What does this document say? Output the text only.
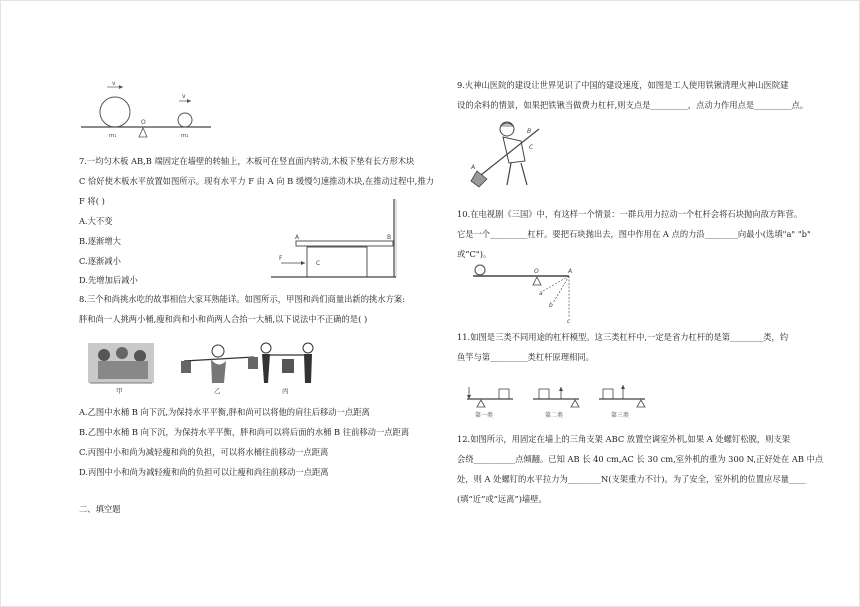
v
v
O
m₁	m₂
7.一均匀木板 AB,B 端固定在墙壁的转轴上，木板可在竖直面内转动,木板下垫有长方形木块
C 恰好使木板水平放置如图所示。现有水平力 F 由 A 向 B 缓慢匀速推动木块,在推动过程中,推力
F 将( )
A.大不变
B.逐渐增大
C.逐渐减小
D.先增加后减小
A	B
F
C
8.三个和尚挑水吃的故事相信大家耳熟能详。如图所示，甲图和尚们商量出新的挑水方案:
胖和尚一人挑两小桶,瘦和尚和小和尚两人合抬一大桶,以下说法中不正确的是( )
甲	乙	丙
A.乙图中水桶 B 向下沉,为保持水平平衡,胖和尚可以将他的肩往后移动一点距离
B.乙图中水桶 B 向下沉，为保持水平平衡，胖和尚可以将后面的水桶 B 往前移动一点距离
C.丙图中小和尚为减轻瘦和尚的负担，可以将水桶往前移动一点距离
D.丙图中小和尚为减轻瘦和尚的负担可以让瘦和尚往前移动一点距离
二、填空题
9.火神山医院的建设让世界见识了中国的建设速度，如图是工人使用铁锹清理火神山医院建
设的余料的情景，如果把铁锹当做费力杠杆,则支点是_________，点动力作用点是_________点。
B
C
A
10.在电视剧《三国》中，有这样一个情景：一群兵用力拉动一个杠杆会将石块抛向敌方阵营。
它是一个_________杠杆。要把石块抛出去，图中作用在 A 点的力沿________向最小(选填"a" "b"
或“C")。
O	A
a
b
c
11.如图是三类不同用途的杠杆模型。这三类杠杆中,一定是省力杠杆的是第________类，钓
鱼竿与第_________类杠杆原理相同。
第一类	第二类	第三类
12.如图所示，用固定在墙上的三角支架 ABC 放置空调室外机,如果 A 处螺钉松脱，则支架
会绕__________点倾翻。已知 AB 长 40 cm,AC 长 30 cm,室外机的重为 300 N,正好处在 AB 中点
处，则 A 处螺钉的水平拉力为________N(支架重力不计)。为了安全，室外机的位置应尽量____
(填“近”或“远离”)墙壁。
